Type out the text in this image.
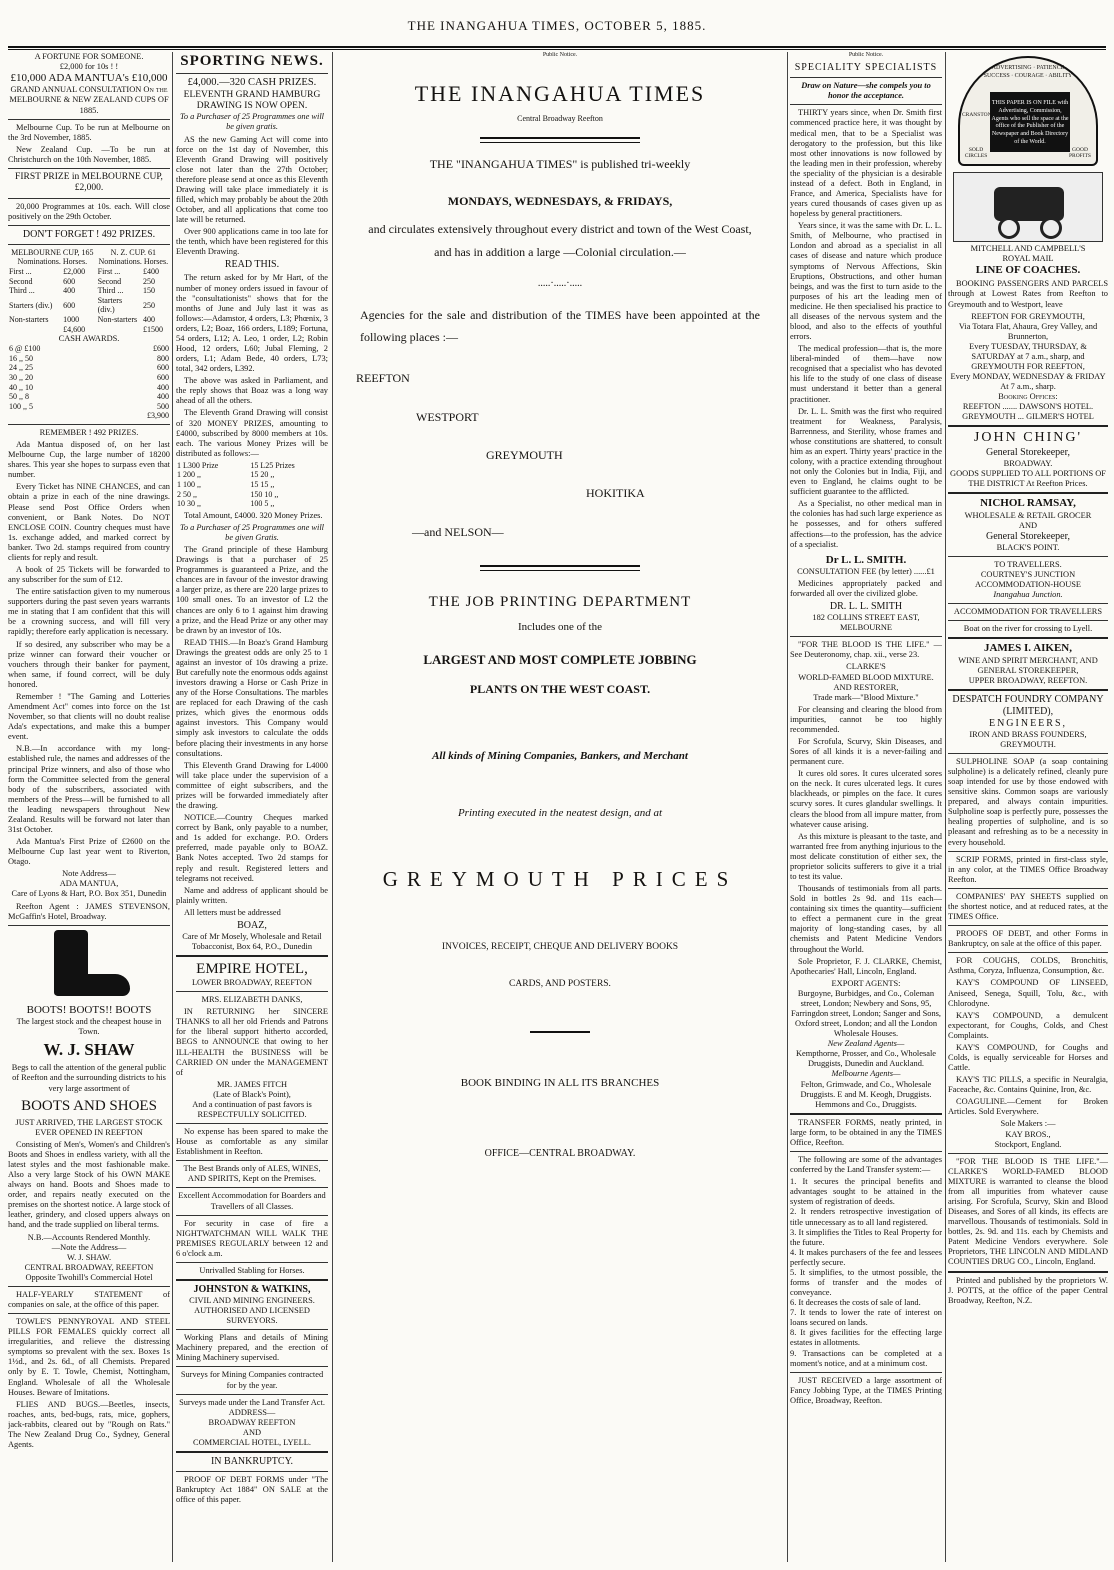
THE INANGAHUA TIMES, OCTOBER 5, 1885.
A FORTUNE FOR SOMEONE.
£2,000 for 10s ! !
£10,000 ADA MANTUA's £10,000
GRAND ANNUAL CONSULTATION On the
MELBOURNE & NEW ZEALAND CUPS OF 1885.
Melbourne Cup. To be run at Melbourne on the 3rd November, 1885.
New Zealand Cup. —To be run at Christchurch on the 10th November, 1885.
FIRST PRIZE in MELBOURNE CUP, £2,000.
20,000 Programmes at 10s. each. Will close positively on the 29th October.
DON'T FORGET ! 492 PRIZES.
MELBOURNE CUP, 165 Nominations. Horses.		N. Z. CUP. 61 Nominations. Horses.	
First ...	£2,000	First ...	£400
Second	600	Second	250
Third ...	400	Third ...	150
Starters (div.)	600	Starters (div.)	250
Non-starters	1000	Non-starters	400
	£4,600		£1500
CASH AWARDS.
6 @ £100	£600
16 ,, 50	800
24 ,, 25	600
30 ,, 20	600
40 ,, 10	400
50 ,, 8	400
100 ,, 5	500
	£3,900
REMEMBER ! 492 PRIZES.
Ada Mantua disposed of, on her last Melbourne Cup, the large number of 18200 shares. This year she hopes to surpass even that number.
Every Ticket has NINE CHANCES, and can obtain a prize in each of the nine drawings. Please send Post Office Orders when convenient, or Bank Notes. Do NOT ENCLOSE COIN. Country cheques must have 1s. exchange added, and marked correct by banker. Two 2d. stamps required from country clients for reply and result.
A book of 25 Tickets will be forwarded to any subscriber for the sum of £12.
The entire satisfaction given to my numerous supporters during the past seven years warrants me in stating that I am confident that this will be a crowning success, and will fill very rapidly; therefore early application is necessary.
If so desired, any subscriber who may be a prize winner can forward their voucher or vouchers through their banker for payment, when same, if found correct, will be duly honored.
Remember ! "The Gaming and Lotteries Amendment Act" comes into force on the 1st November, so that clients will no doubt realise Ada's expectations, and make this a bumper event.
N.B.—In accordance with my long-established rule, the names and addresses of the principal Prize winners, and also of those who form the Committee selected from the general body of the subscribers, associated with members of the Press—will be furnished to all the leading newspapers throughout New Zealand. Results will be forward not later than 31st October.
Ada Mantua's First Prize of £2600 on the Melbourne Cup last year went to Riverton, Otago.
Note Address—
ADA MANTUA,
Care of Lyons & Hart, P.O. Box 351, Dunedin
Reefton Agent : JAMES STEVENSON, McGaffin's Hotel, Broadway.
BOOTS! BOOTS!! BOOTS
The largest stock and the cheapest house in Town.
W. J. SHAW
Begs to call the attention of the general public of Reefton and the surrounding districts to his very large assortment of
BOOTS AND SHOES
JUST ARRIVED, THE LARGEST STOCK EVER OPENED IN REEFTON
Consisting of Men's, Women's and Children's Boots and Shoes in endless variety, with all the latest styles and the most fashionable make. Also a very large Stock of his OWN MAKE always on hand. Boots and Shoes made to order, and repairs neatly executed on the premises on the shortest notice. A large stock of leather, grindery, and closed uppers always on hand, and the trade supplied on liberal terms.
N.B.—Accounts Rendered Monthly.
—Note the Address—
W. J. SHAW.
CENTRAL BROADWAY, REEFTON
Opposite Twohill's Commercial Hotel
HALF-YEARLY STATEMENT of companies on sale, at the office of this paper.
TOWLE'S PENNYROYAL AND STEEL PILLS FOR FEMALES quickly correct all irregularities, and relieve the distressing symptoms so prevalent with the sex. Boxes 1s 1½d., and 2s. 6d., of all Chemists. Prepared only by E. T. Towle, Chemist, Nottingham, England. Wholesale of all the Wholesale Houses. Beware of Imitations.
FLIES AND BUGS.—Beetles, insects, roaches, ants, bed-bugs, rats, mice, gophers, jack-rabbits, cleared out by "Rough on Rats." The New Zealand Drug Co., Sydney, General Agents.
SPORTING NEWS.
£4,000.—320 CASH PRIZES.
ELEVENTH GRAND HAMBURG DRAWING IS NOW OPEN.
To a Purchaser of 25 Programmes one will be given gratis.
AS the new Gaming Act will come into force on the 1st day of November, this Eleventh Grand Drawing will positively close not later than the 27th October; therefore please send at once as this Eleventh Drawing will take place immediately it is filled, which may probably be about the 20th October, and all applications that come too late will be returned.
Over 900 applications came in too late for the tenth, which have been registered for this Eleventh Drawing.
READ THIS.
The return asked for by Mr Hart, of the number of money orders issued in favour of the "consultationists" shows that for the months of June and July last it was as follows:—Adamstor, 4 orders, L3; Phœnix, 3 orders, L2; Boaz, 166 orders, L189; Fortuna, 54 orders, L12; A. Leo, 1 order, L2; Robin Hood, 12 orders, L60; Jubal Fleming, 2 orders, L1; Adam Bede, 40 orders, L73; total, 342 orders, L392.
The above was asked in Parliament, and the reply shows that Boaz was a long way ahead of all the others.
The Eleventh Grand Drawing will consist of 320 MONEY PRIZES, amounting to £4000, subscribed by 8000 members at 10s. each. The various Money Prizes will be distributed as follows:—
1 L300 Prize	15 L25 Prizes
1 200 ,,	15 20 ,,
1 100 ,,	15 15 ,,
2 50 ,,	150 10 ,,
10 30 ,,	100 5 ,,
Total Amount, £4000. 320 Money Prizes.
To a Purchaser of 25 Programmes one will be given Gratis.
The Grand principle of these Hamburg Drawings is that a purchaser of 25 Programmes is guaranteed a Prize, and the chances are in favour of the investor drawing a larger prize, as there are 220 large prizes to 100 small ones. To an investor of L2 the chances are only 6 to 1 against him drawing a prize, and the Head Prize or any other may be drawn by an investor of 10s.
READ THIS.—In Boaz's Grand Hamburg Drawings the greatest odds are only 25 to 1 against an investor of 10s drawing a prize. But carefully note the enormous odds against investors drawing a Horse or Cash Prize in any of the Horse Consultations. The marbles are replaced for each Drawing of the cash prizes, which gives the enormous odds against investors. This Company would simply ask investors to calculate the odds before placing their investments in any horse consultations.
This Eleventh Grand Drawing for L4000 will take place under the supervision of a committee of eight subscribers, and the prizes will be forwarded immediately after the drawing.
NOTICE.—Country Cheques marked correct by Bank, only payable to a number, and 1s added for exchange. P.O. Orders preferred, made payable only to BOAZ. Bank Notes accepted. Two 2d stamps for reply and result. Registered letters and telegrams not received.
Name and address of applicant should be plainly written.
All letters must be addressed
BOAZ,
Care of Mr Mosely, Wholesale and Retail Tobacconist, Box 64, P.O., Dunedin
EMPIRE HOTEL,
LOWER BROADWAY, REEFTON
MRS. ELIZABETH DANKS,
IN RETURNING her SINCERE THANKS to all her old Friends and Patrons for the liberal support hitherto accorded, BEGS to ANNOUNCE that owing to her ILL-HEALTH the BUSINESS will be CARRIED ON under the MANAGEMENT of
MR. JAMES FITCH
(Late of Black's Point),
And a continuation of past favors is RESPECTFULLY SOLICITED.
No expense has been spared to make the House as comfortable as any similar Establishment in Reefton.
The Best Brands only of ALES, WINES, AND SPIRITS, Kept on the Premises.
Excellent Accommodation for Boarders and Travellers of all Classes.
For security in case of fire a NIGHTWATCHMAN WILL WALK THE PREMISES REGULARLY between 12 and 6 o'clock a.m.
Unrivalled Stabling for Horses.
JOHNSTON & WATKINS,
CIVIL AND MINING ENGINEERS.
AUTHORISED AND LICENSED SURVEYORS.
Working Plans and details of Mining Machinery prepared, and the erection of Mining Machinery supervised.
Surveys for Mining Companies contracted for by the year.
Surveys made under the Land Transfer Act.
ADDRESS—
BROADWAY REEFTON
AND
COMMERCIAL HOTEL, LYELL.
IN BANKRUPTCY.
PROOF OF DEBT FORMS under "The Bankruptcy Act 1884" ON SALE at the office of this paper.
Public Notice.
THE INANGAHUA TIMES
Central Broadway Reefton
THE "INANGAHUA TIMES" is published tri-weekly
MONDAYS, WEDNESDAYS, & FRIDAYS,
and circulates extensively throughout every district and town of the West Coast, and has in addition a large —Colonial circulation.—
.....·.....·.....
Agencies for the sale and distribution of the TIMES have been appointed at the following places :—
REEFTON
WESTPORT
GREYMOUTH
HOKITIKA
—and NELSON—
THE JOB PRINTING DEPARTMENT
Includes one of the
LARGEST AND MOST COMPLETE JOBBING
PLANTS ON THE WEST COAST.
All kinds of Mining Companies, Bankers, and Merchant
Printing executed in the neatest design, and at
GREYMOUTH PRICES
INVOICES, RECEIPT, CHEQUE AND DELIVERY BOOKS
CARDS, AND POSTERS.
BOOK BINDING IN ALL ITS BRANCHES
OFFICE—CENTRAL BROADWAY.
Public Notice.
SPECIALITY SPECIALISTS
Draw on Nature—she compels you to honor the acceptance.
THIRTY years since, when Dr. Smith first commenced practice here, it was thought by medical men, that to be a Specialist was derogatory to the profession, but this like most other innovations is now followed by the leading men in their profession, whereby the speciality of the physician is a desirable instead of a defect. Both in England, in France, and America, Specialists have for years cured thousands of cases given up as hopeless by general practitioners.
Years since, it was the same with Dr. L. L. Smith, of Melbourne, who practised in London and abroad as a specialist in all cases of disease and nature which produce symptoms of Nervous Affections, Skin Eruptions, Obstructions, and other human beings, and was the first to turn aside to the purposes of his art the leading men of medicine. He then specialised his practice to all diseases of the nervous system and the blood, and also to the effects of youthful errors.
The medical profession—that is, the more liberal-minded of them—have now recognised that a specialist who has devoted his life to the study of one class of disease must understand it better than a general practitioner.
Dr. L. L. Smith was the first who required treatment for Weakness, Paralysis, Barrenness, and Sterility, whose frames and whose constitutions are shattered, to consult him as an expert. Thirty years' practice in the colony, with a practice extending throughout not only the Colonies but in India, Fiji, and even to England, he claims ought to be sufficient guarantee to the afflicted.
As a Specialist, no other medical man in the colonies has had such large experience as he possesses, and for others suffered affections—to the profession, has the advice of a specialist.
Dr L. L. SMITH.
CONSULTATION FEE (by letter) ......£1
Medicines appropriately packed and forwarded all over the civilized globe.
DR. L. L. SMITH
182 COLLINS STREET EAST, MELBOURNE
"FOR THE BLOOD IS THE LIFE." —See Deuteronomy, chap. xii., verse 23.
CLARKE'S
WORLD-FAMED BLOOD MIXTURE.
AND RESTORER,
Trade mark—"Blood Mixture."
For cleansing and clearing the blood from impurities, cannot be too highly recommended.
For Scrofula, Scurvy, Skin Diseases, and Sores of all kinds it is a never-failing and permanent cure.
It cures old sores. It cures ulcerated sores on the neck. It cures ulcerated legs. It cures blackheads, or pimples on the face. It cures scurvy sores. It cures glandular swellings. It clears the blood from all impure matter, from whatever cause arising.
As this mixture is pleasant to the taste, and warranted free from anything injurious to the most delicate constitution of either sex, the proprietor solicits sufferers to give it a trial to test its value.
Thousands of testimonials from all parts. Sold in bottles 2s 9d. and 11s each—containing six times the quantity—sufficient to effect a permanent cure in the great majority of long-standing cases, by all chemists and Patent Medicine Vendors throughout the World.
Sole Proprietor, F. J. CLARKE, Chemist, Apothecaries' Hall, Lincoln, England.
EXPORT AGENTS:
Burgoyne, Burbidges, and Co., Coleman street, London; Newbery and Sons, 95, Farringdon street, London; Sanger and Sons, Oxford street, London; and all the London Wholesale Houses.
New Zealand Agents—
Kempthorne, Prosser, and Co., Wholesale Druggists, Dunedin and Auckland.
Melbourne Agents—
Felton, Grimwade, and Co., Wholesale Druggists. E and M. Keogh, Druggists. Hemmons and Co., Druggists.
TRANSFER FORMS, neatly printed, in large form, to be obtained in any the TIMES Office, Reefton.
The following are some of the advantages conferred by the Land Transfer system:—
1. It secures the principal benefits and advantages sought to be attained in the system of registration of deeds.
2. It renders retrospective investigation of title unnecessary as to all land registered.
3. It simplifies the Titles to Real Property for the future.
4. It makes purchasers of the fee and lessees perfectly secure.
5. It simplifies, to the utmost possible, the forms of transfer and the modes of conveyance.
6. It decreases the costs of sale of land.
7. It tends to lower the rate of interest on loans secured on lands.
8. It gives facilities for the effecting large estates in allotments.
9. Transactions can be completed at a moment's notice, and at a minimum cost.
JUST RECEIVED a large assortment of Fancy Jobbing Type, at the TIMES Printing Office, Broadway, Reefton.
ADVERTISING · PATIENCE
SUCCESS · COURAGE · ABILITY
THIS PAPER IS ON FILE with Advertising, Commission, Agents who sell the space at the office of the Publisher of the Newspaper and Book Directory of the World.
SOLD CIRCLES
GOOD PROFITS
CRANSTON
MITCHELL AND CAMPBELL'S
ROYAL MAIL
LINE OF COACHES.
BOOKING PASSENGERS AND PARCELS through at Lowest Rates from Reefton to Greymouth and to Westport, leave
REEFTON FOR GREYMOUTH,
Via Totara Flat, Ahaura, Grey Valley, and Brunnerton,
Every TUESDAY, THURSDAY, & SATURDAY at 7 a.m., sharp, and
GREYMOUTH FOR REEFTON,
Every MONDAY, WEDNESDAY & FRIDAY At 7 a.m., sharp.
Booking Offices:
REEFTON ....... DAWSON'S HOTEL. GREYMOUTH ... GILMER'S HOTEL
JOHN CHING'
General Storekeeper,
BROADWAY.
GOODS SUPPLIED TO ALL PORTIONS OF THE DISTRICT At Reefton Prices.
NICHOL RAMSAY,
WHOLESALE & RETAIL GROCER
AND
General Storekeeper,
BLACK'S POINT.
TO TRAVELLERS.
COURTNEY'S JUNCTION ACCOMMODATION-HOUSE
Inangahua Junction.
ACCOMMODATION FOR TRAVELLERS
Boat on the river for crossing to Lyell.
JAMES I. AIKEN,
WINE AND SPIRIT MERCHANT, AND GENERAL STOREKEEPER,
UPPER BROADWAY, REEFTON.
DESPATCH FOUNDRY COMPANY (LIMITED),
ENGINEERS,
IRON AND BRASS FOUNDERS,
GREYMOUTH.
SULPHOLINE SOAP (a soap containing sulpholine) is a delicately refined, cleanly pure soap intended for use by those endowed with sensitive skins. Common soaps are variously prepared, and always contain impurities. Sulpholine soap is perfectly pure, possesses the healing properties of sulpholine, and is so pleasant and refreshing as to be a necessity in every household.
SCRIP FORMS, printed in first-class style, in any color, at the TIMES Office Broadway Reefton.
COMPANIES' PAY SHEETS supplied on the shortest notice, and at reduced rates, at the TIMES Office.
PROOFS OF DEBT, and other Forms in Bankruptcy, on sale at the office of this paper.
FOR COUGHS, COLDS, Bronchitis, Asthma, Coryza, Influenza, Consumption, &c.
KAY'S COMPOUND OF LINSEED, Aniseed, Senega, Squill, Tolu, &c., with Chlorodyne.
KAY'S COMPOUND, a demulcent expectorant, for Coughs, Colds, and Chest Complaints.
KAY'S COMPOUND, for Coughs and Colds, is equally serviceable for Horses and Cattle.
KAY'S TIC PILLS, a specific in Neuralgia, Faceache, &c. Contains Quinine, Iron, &c.
COAGULINE.—Cement for Broken Articles. Sold Everywhere.
Sole Makers :—
KAY BROS.,
Stockport, England.
"FOR THE BLOOD IS THE LIFE."—CLARKE'S WORLD-FAMED BLOOD MIXTURE is warranted to cleanse the blood from all impurities from whatever cause arising. For Scrofula, Scurvy, Skin and Blood Diseases, and Sores of all kinds, its effects are marvellous. Thousands of testimonials. Sold in bottles, 2s. 9d. and 11s. each by Chemists and Patent Medicine Vendors everywhere. Sole Proprietors, THE LINCOLN AND MIDLAND COUNTIES DRUG CO., Lincoln, England.
Printed and published by the proprietors W. J. POTTS, at the office of the paper Central Broadway, Reefton, N.Z.
